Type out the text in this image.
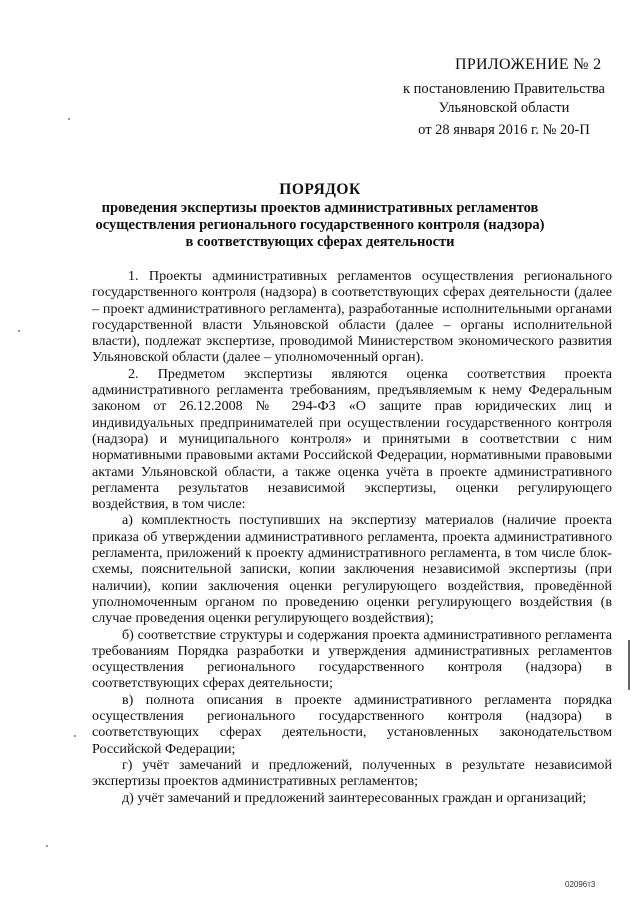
ПРИЛОЖЕНИЕ № 2
к постановлению Правительства
Ульяновской области
от 28 января 2016 г. № 20-П
ПОРЯДОК
проведения экспертизы проектов административных регламентов
осуществления регионального государственного контроля (надзора)
в соответствующих сферах деятельности

1. Проекты административных регламентов осуществления регионального государственного контроля (надзора) в соответствующих сферах деятельности (далее – проект административного регламента), разработанные исполнительными органами государственной власти Ульяновской области (далее – органы исполнительной власти), подлежат экспертизе, проводимой Министерством экономического развития Ульяновской области (далее – уполномоченный орган).

2. Предметом экспертизы являются оценка соответствия проекта административного регламента требованиям, предъявляемым к нему Федеральным законом от 26.12.2008 № 294-ФЗ «О защите прав юридических лиц и индивидуальных предпринимателей при осуществлении государственного контроля (надзора) и муниципального контроля» и принятыми в соответствии с ним нормативными правовыми актами Российской Федерации, нормативными правовыми актами Ульяновской области, а также оценка учёта в проекте административного регламента результатов независимой экспертизы, оценки регулирующего воздействия, в том числе:

а) комплектность поступивших на экспертизу материалов (наличие проекта приказа об утверждении административного регламента, проекта административного регламента, приложений к проекту административного регламента, в том числе блок-схемы, пояснительной записки, копии заключения независимой экспертизы (при наличии), копии заключения оценки регулирующего воздействия, проведённой уполномоченным органом по проведению оценки регулирующего воздействия (в случае проведения оценки регулирующего воздействия);

б) соответствие структуры и содержания проекта административного регламента требованиям Порядка разработки и утверждения административных регламентов осуществления регионального государственного контроля (надзора) в соответствующих сферах деятельности;

в) полнота описания в проекте административного регламента порядка осуществления регионального государственного контроля (надзора) в соответствующих сферах деятельности, установленных законодательством Российской Федерации;

г) учёт замечаний и предложений, полученных в результате независимой экспертизы проектов административных регламентов;

д) учёт замечаний и предложений заинтересованных граждан и организаций;

02096т3
